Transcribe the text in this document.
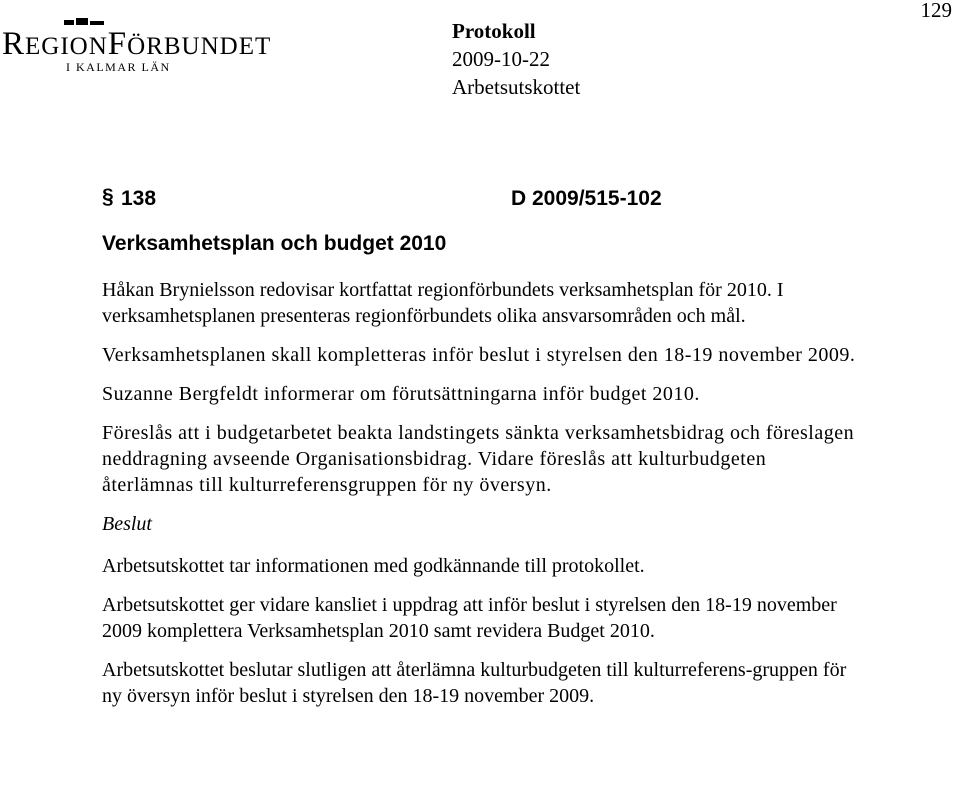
REGIONFÖRBUNDET
I KALMAR LÄN
Protokoll
2009-10-22
Arbetsutskottet
129
§ 138	D 2009/515-102
Verksamhetsplan och budget 2010

Håkan Brynielsson redovisar kortfattat regionförbundets verksamhetsplan för 2010. I verksamhetsplanen presenteras regionförbundets olika ansvarsområden och mål.

Verksamhetsplanen skall kompletteras inför beslut i styrelsen den 18-19 november 2009.

Suzanne Bergfeldt informerar om förutsättningarna inför budget 2010.

Föreslås att i budgetarbetet beakta landstingets sänkta verksamhetsbidrag och föreslagen neddragning avseende Organisationsbidrag. Vidare föreslås att kulturbudgeten återlämnas till kulturreferensgruppen för ny översyn.

Beslut

Arbetsutskottet tar informationen med godkännande till protokollet.

Arbetsutskottet ger vidare kansliet i uppdrag att inför beslut i styrelsen den 18-19 november 2009 komplettera Verksamhetsplan 2010 samt revidera Budget 2010.

Arbetsutskottet beslutar slutligen att återlämna kulturbudgeten till kulturreferens-gruppen för ny översyn inför beslut i styrelsen den 18-19 november 2009.
